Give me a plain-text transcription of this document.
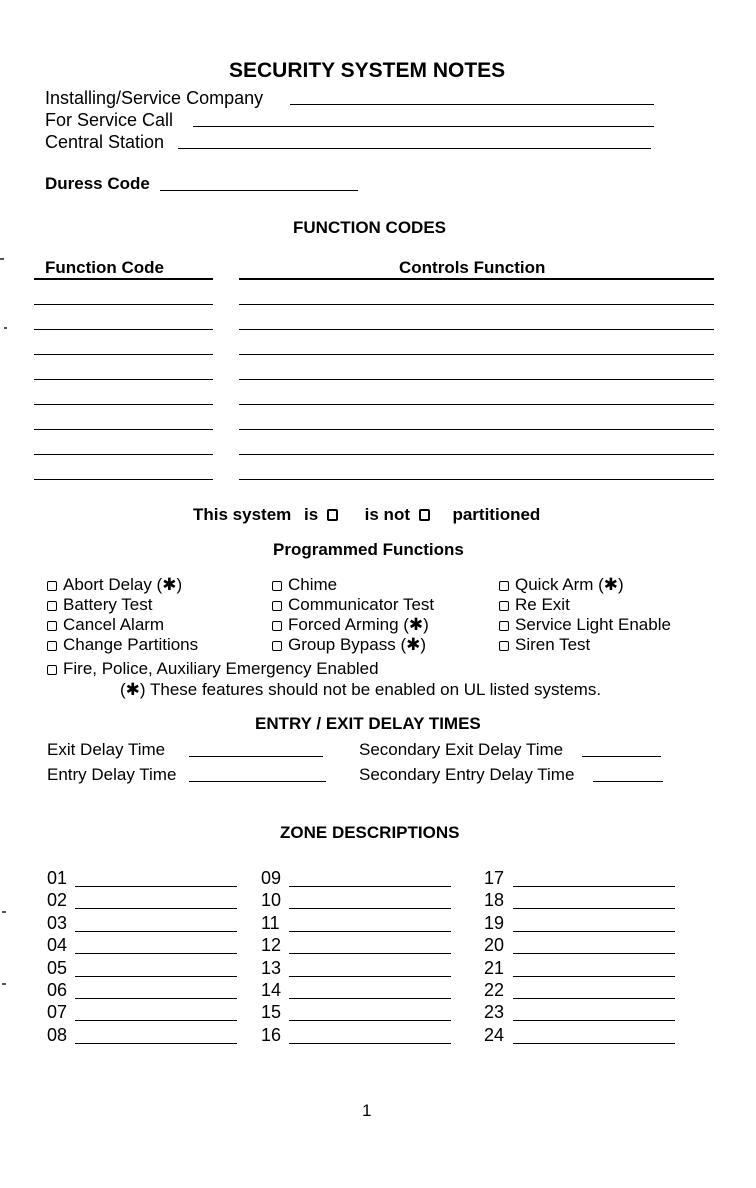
SECURITY SYSTEM NOTES
Installing/Service Company
For Service Call
Central Station
Duress Code
FUNCTION CODES
Function Code	Controls Function
This system is	is not partitioned
Programmed Functions
Abort Delay (✱)
Battery Test
Cancel Alarm
Change Partitions
Chime
Communicator Test
Forced Arming (✱)
Group Bypass (✱)
Quick Arm (✱)
Re Exit
Service Light Enable
Siren Test
Fire, Police, Auxiliary Emergency Enabled
(✱) These features should not be enabled on UL listed systems.
ENTRY / EXIT DELAY TIMES
Exit Delay Time
Entry Delay Time
Secondary Exit Delay Time
Secondary Entry Delay Time
ZONE DESCRIPTIONS
01
02
03
04
05
06
07
08
09
10
11
12
13
14
15
16
17
18
19
20
21
22
23
24
1
